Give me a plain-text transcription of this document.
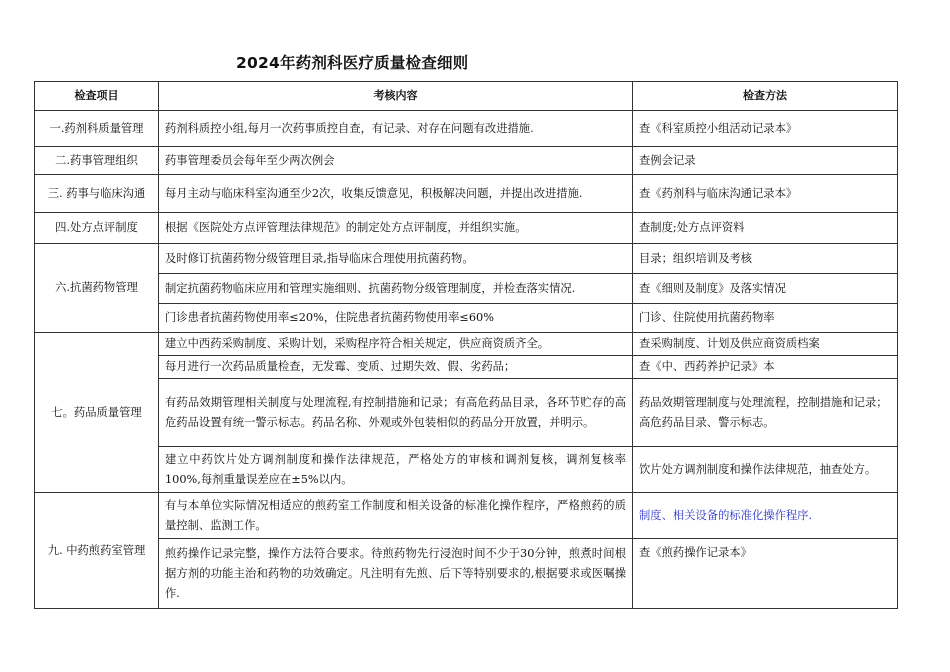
2024年药剂科医疗质量检查细则
检查项目	考核内容	检查方法
一.药剂科质量管理	药剂科质控小组,每月一次药事质控自查，有记录、对存在问题有改进措施.	查《科室质控小组活动记录本》
二.药事管理组织	药事管理委员会每年至少两次例会	查例会记录
三. 药事与临床沟通	每月主动与临床科室沟通至少2次，收集反馈意见，积极解决问题，并提出改进措施.	查《药剂科与临床沟通记录本》
四.处方点评制度	根据《医院处方点评管理法律规范》的制定处方点评制度，并组织实施。	查制度;处方点评资料
六.抗菌药物管理	及时修订抗菌药物分级管理目录,指导临床合理使用抗菌药物。	目录；组织培训及考核
	制定抗菌药物临床应用和管理实施细则、抗菌药物分级管理制度，并检查落实情况.	查《细则及制度》及落实情况
	门诊患者抗菌药物使用率≤20%，住院患者抗菌药物使用率≤60%	门诊、住院使用抗菌药物率
七。药品质量管理	建立中西药采购制度、采购计划，采购程序符合相关规定，供应商资质齐全。	查采购制度、计划及供应商资质档案
	每月进行一次药品质量检查，无发霉、变质、过期失效、假、劣药品；	查《中、西药养护记录》本
	有药品效期管理相关制度与处理流程,有控制措施和记录；有高危药品目录，各环节贮存的高危药品设置有统一警示标志。药品名称、外观或外包装相似的药品分开放置，并明示。	药品效期管理制度与处理流程，控制措施和记录；高危药品目录、警示标志。
	建立中药饮片处方调剂制度和操作法律规范，严格处方的审核和调剂复核，调剂复核率100%,每剂重量误差应在±5%以内。	饮片处方调剂制度和操作法律规范，抽查处方。
九. 中药煎药室管理	有与本单位实际情况相适应的煎药室工作制度和相关设备的标准化操作程序，严格煎药的质量控制、监测工作。	制度、相关设备的标准化操作程序.
	煎药操作记录完整，操作方法符合要求。待煎药物先行浸泡时间不少于30分钟，煎煮时间根据方剂的功能主治和药物的功效确定。凡注明有先煎、后下等特别要求的,根据要求或医嘱操作.	查《煎药操作记录本》
